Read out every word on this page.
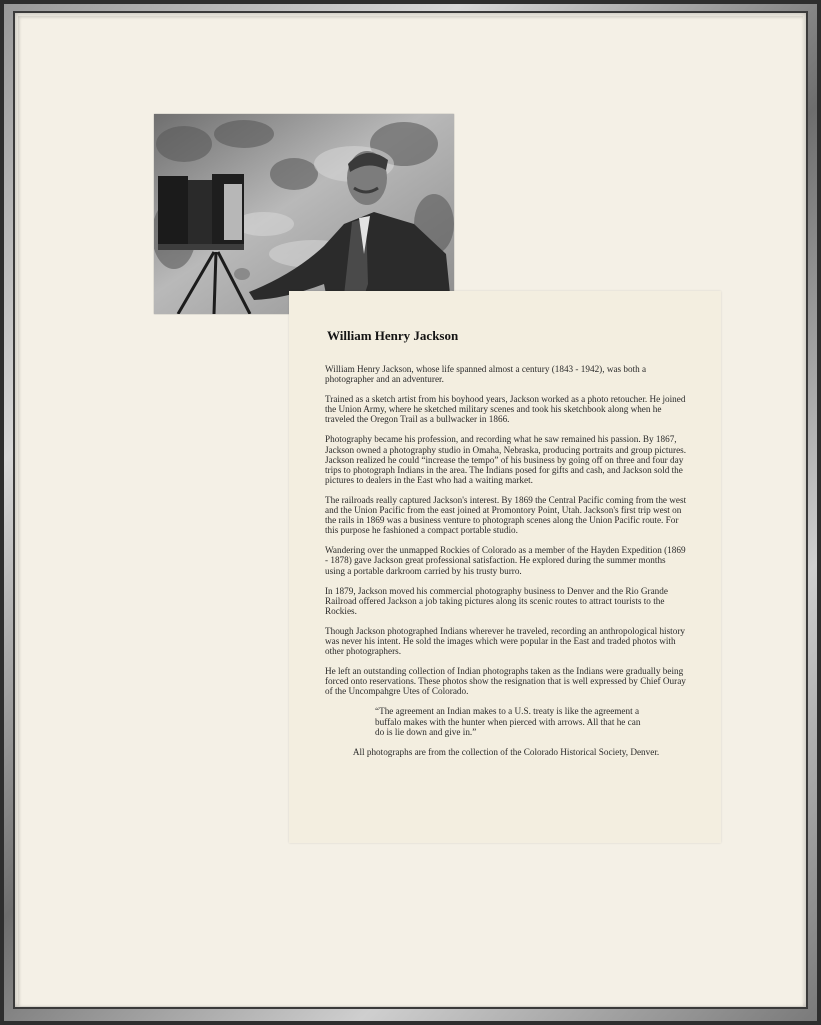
William Henry Jackson

William Henry Jackson, whose life spanned almost a century (1843 - 1942), was both a photographer and an adventurer.

Trained as a sketch artist from his boyhood years, Jackson worked as a photo retoucher. He joined the Union Army, where he sketched military scenes and took his sketchbook along when he traveled the Oregon Trail as a bullwacker in 1866.

Photography became his profession, and recording what he saw remained his passion. By 1867, Jackson owned a photography studio in Omaha, Nebraska, producing portraits and group pictures. Jackson realized he could “increase the tempo” of his business by going off on three and four day trips to photograph Indians in the area. The Indians posed for gifts and cash, and Jackson sold the pictures to dealers in the East who had a waiting market.

The railroads really captured Jackson's interest. By 1869 the Central Pacific coming from the west and the Union Pacific from the east joined at Promontory Point, Utah. Jackson's first trip west on the rails in 1869 was a business venture to photograph scenes along the Union Pacific route. For this purpose he fashioned a compact portable studio.

Wandering over the unmapped Rockies of Colorado as a member of the Hayden Expedition (1869 - 1878) gave Jackson great professional satisfaction. He explored during the summer months using a portable darkroom carried by his trusty burro.

In 1879, Jackson moved his commercial photography business to Denver and the Rio Grande Railroad offered Jackson a job taking pictures along its scenic routes to attract tourists to the Rockies.

Though Jackson photographed Indians wherever he traveled, recording an anthropological history was never his intent. He sold the images which were popular in the East and traded photos with other photographers.

He left an outstanding collection of Indian photographs taken as the Indians were gradually being forced onto reservations. These photos show the resignation that is well expressed by Chief Ouray of the Uncompahgre Utes of Colorado.

“The agreement an Indian makes to a U.S. treaty is like the agreement a buffalo makes with the hunter when pierced with arrows. All that he can do is lie down and give in.”

All photographs are from the collection of the Colorado Historical Society, Denver.
